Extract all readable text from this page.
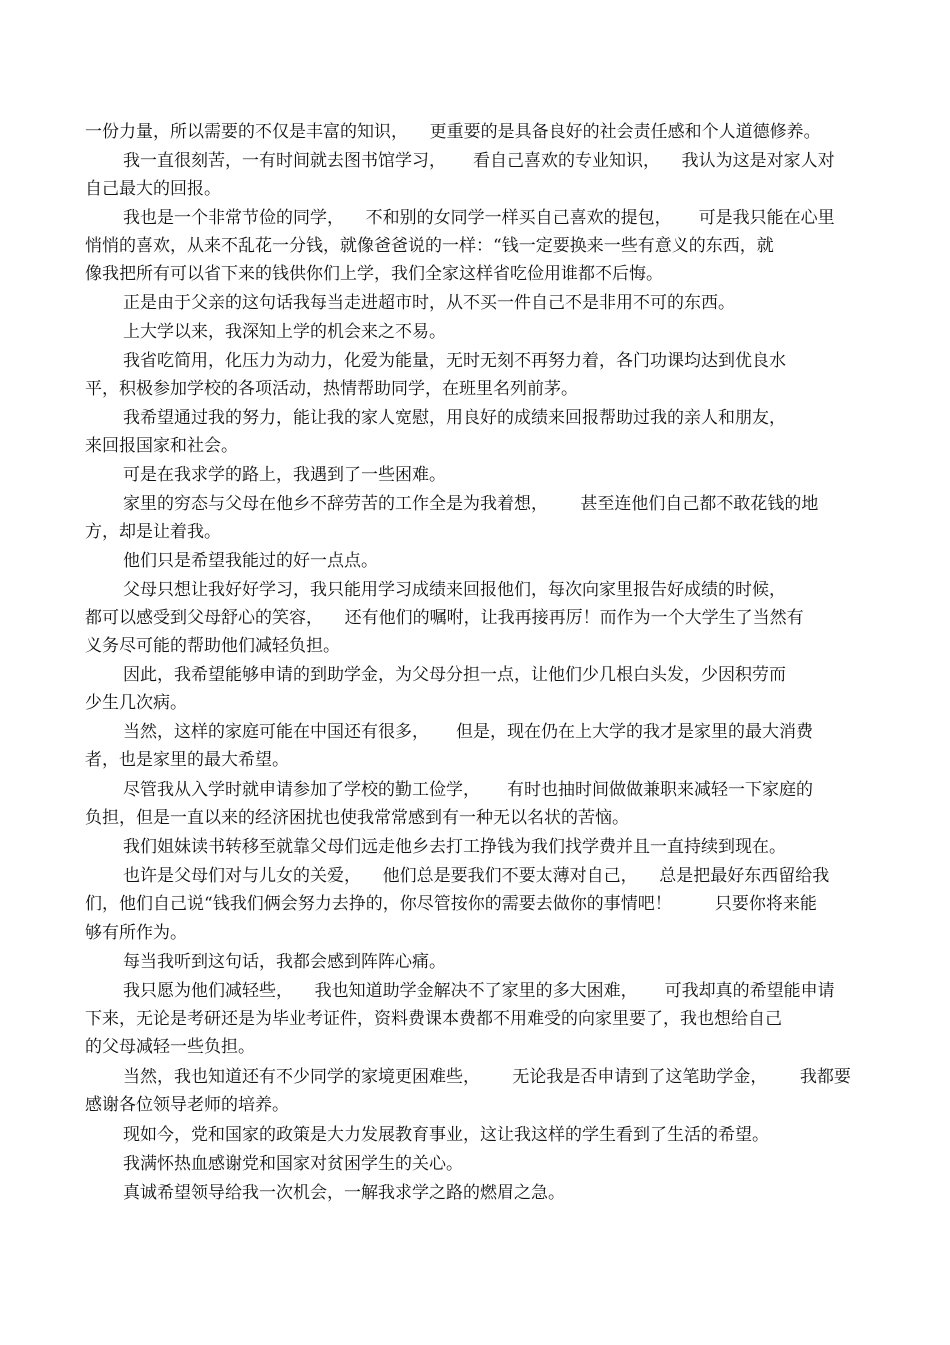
一份力量，所以需要的不仅是丰富的知识，    更重要的是具备良好的社会责任感和个人道德修养。
我一直很刻苦，一有时间就去图书馆学习，     看自己喜欢的专业知识，    我认为这是对家人对
自己最大的回报。
我也是一个非常节俭的同学，    不和别的女同学一样买自己喜欢的提包，     可是我只能在心里
悄悄的喜欢，从来不乱花一分钱，就像爸爸说的一样：“钱一定要换来一些有意义的东西，就
像我把所有可以省下来的钱供你们上学，我们全家这样省吃俭用谁都不后悔。
正是由于父亲的这句话我每当走进超市时，从不买一件自己不是非用不可的东西。
上大学以来，我深知上学的机会来之不易。
我省吃简用，化压力为动力，化爱为能量，无时无刻不再努力着，各门功课均达到优良水
平，积极参加学校的各项活动，热情帮助同学，在班里名列前茅。
我希望通过我的努力，能让我的家人宽慰，用良好的成绩来回报帮助过我的亲人和朋友，
来回报国家和社会。
可是在我求学的路上，我遇到了一些困难。
家里的穷态与父母在他乡不辞劳苦的工作全是为我着想，      甚至连他们自己都不敢花钱的地
方，却是让着我。
他们只是希望我能过的好一点点。
父母只想让我好好学习，我只能用学习成绩来回报他们，每次向家里报告好成绩的时候，
都可以感受到父母舒心的笑容，    还有他们的嘱咐，让我再接再厉！而作为一个大学生了当然有
义务尽可能的帮助他们减轻负担。
因此，我希望能够申请的到助学金，为父母分担一点，让他们少几根白头发，少因积劳而
少生几次病。
当然，这样的家庭可能在中国还有很多，     但是，现在仍在上大学的我才是家里的最大消费
者，也是家里的最大希望。
尽管我从入学时就申请参加了学校的勤工俭学，     有时也抽时间做做兼职来减轻一下家庭的
负担，但是一直以来的经济困扰也使我常常感到有一种无以名状的苦恼。
我们姐妹读书转移至就靠父母们远走他乡去打工挣钱为我们找学费并且一直持续到现在。
也许是父母们对与儿女的关爱，    他们总是要我们不要太薄对自己，    总是把最好东西留给我
们，他们自己说“钱我们俩会努力去挣的，你尽管按你的需要去做你的事情吧！        只要你将来能
够有所作为。
每当我听到这句话，我都会感到阵阵心痛。
我只愿为他们减轻些，    我也知道助学金解决不了家里的多大困难，     可我却真的希望能申请
下来，无论是考研还是为毕业考证件，资料费课本费都不用难受的向家里要了，我也想给自己
的父母减轻一些负担。
当然，我也知道还有不少同学的家境更困难些，      无论我是否申请到了这笔助学金，      我都要
感谢各位领导老师的培养。
现如今，党和国家的政策是大力发展教育事业，这让我这样的学生看到了生活的希望。
我满怀热血感谢党和国家对贫困学生的关心。
真诚希望领导给我一次机会，一解我求学之路的燃眉之急。
